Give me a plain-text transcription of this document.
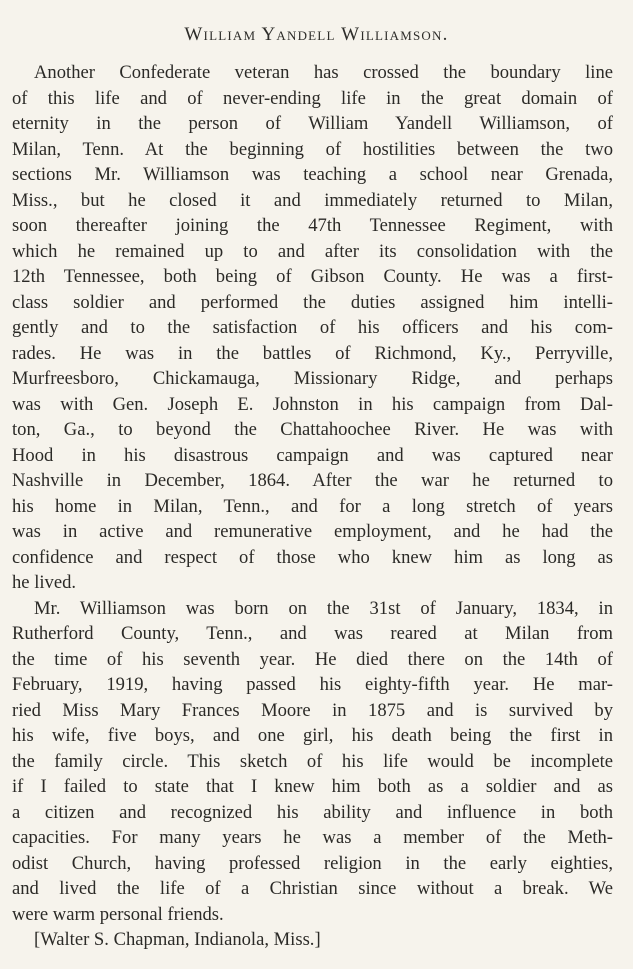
William Yandell Williamson.
Another Confederate veteran has crossed the boundary line
of this life and of never-ending life in the great domain of
eternity in the person of William Yandell Williamson, of
Milan, Tenn. At the beginning of hostilities between the two
sections Mr. Williamson was teaching a school near Grenada,
Miss., but he closed it and immediately returned to Milan,
soon thereafter joining the 47th Tennessee Regiment, with
which he remained up to and after its consolidation with the
12th Tennessee, both being of Gibson County. He was a first-
class soldier and performed the duties assigned him intelli-
gently and to the satisfaction of his officers and his com-
rades. He was in the battles of Richmond, Ky., Perryville,
Murfreesboro, Chickamauga, Missionary Ridge, and perhaps
was with Gen. Joseph E. Johnston in his campaign from Dal-
ton, Ga., to beyond the Chattahoochee River. He was with
Hood in his disastrous campaign and was captured near
Nashville in December, 1864. After the war he returned to
his home in Milan, Tenn., and for a long stretch of years
was in active and remunerative employment, and he had the
confidence and respect of those who knew him as long as
he lived.
Mr. Williamson was born on the 31st of January, 1834, in
Rutherford County, Tenn., and was reared at Milan from
the time of his seventh year. He died there on the 14th of
February, 1919, having passed his eighty-fifth year. He mar-
ried Miss Mary Frances Moore in 1875 and is survived by
his wife, five boys, and one girl, his death being the first in
the family circle. This sketch of his life would be incomplete
if I failed to state that I knew him both as a soldier and as
a citizen and recognized his ability and influence in both
capacities. For many years he was a member of the Meth-
odist Church, having professed religion in the early eighties,
and lived the life of a Christian since without a break. We
were warm personal friends.
[Walter S. Chapman, Indianola, Miss.]
